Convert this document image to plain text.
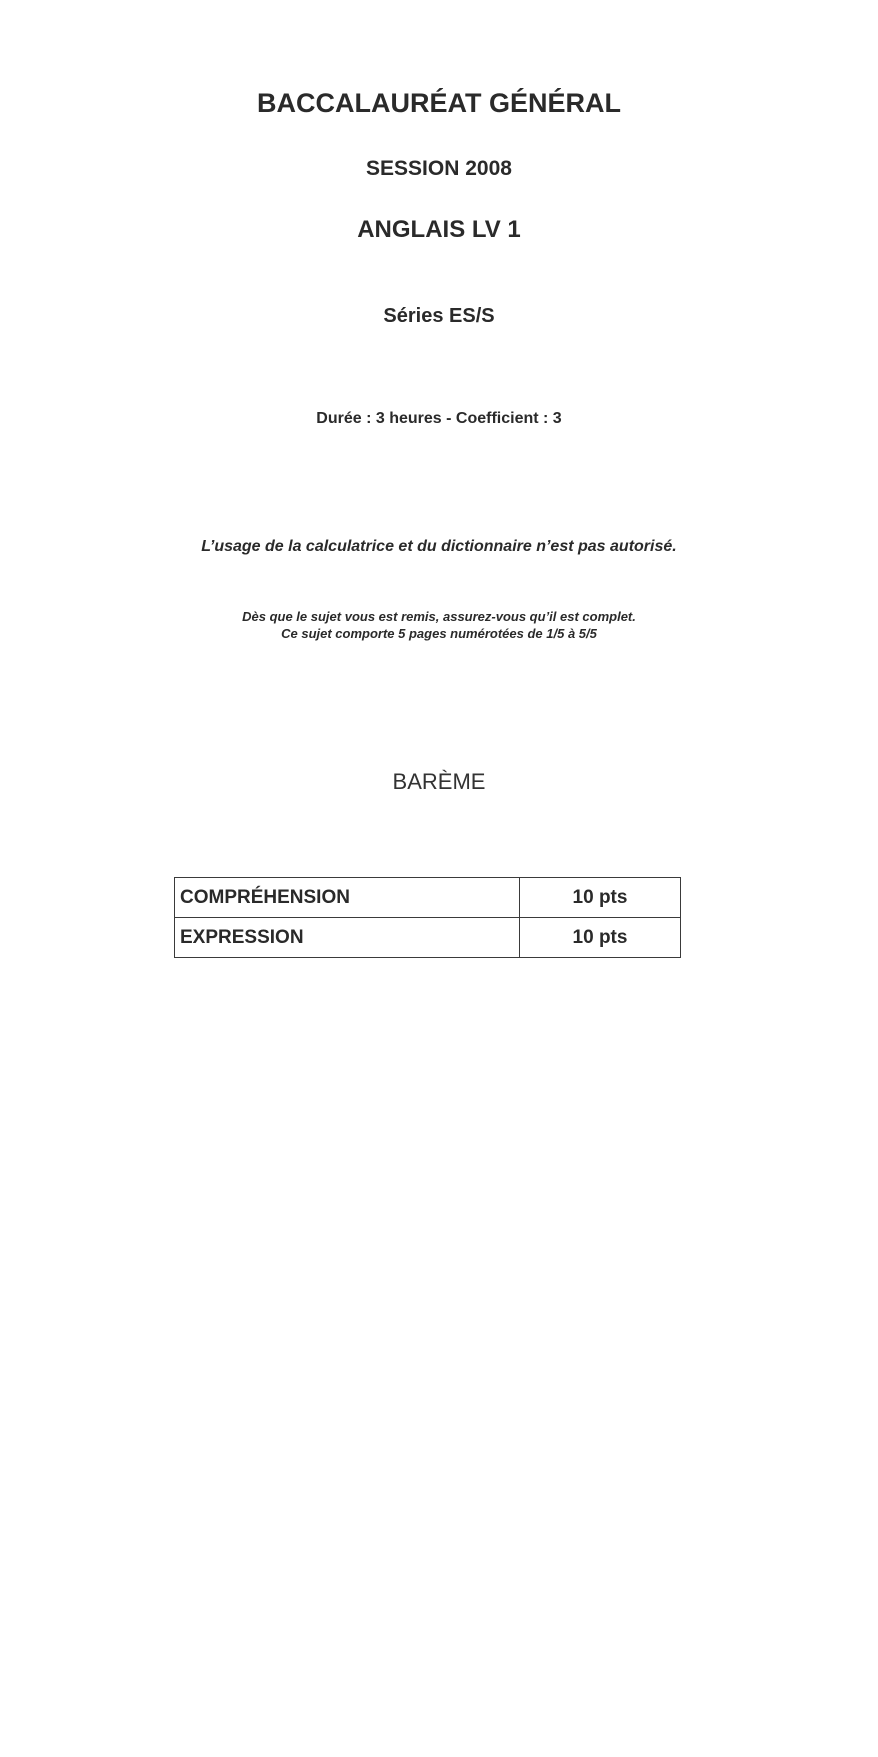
BACCALAURÉAT GÉNÉRAL
SESSION 2008
ANGLAIS LV 1
Séries ES/S
Durée : 3 heures - Coefficient : 3
L’usage de la calculatrice et du dictionnaire n’est pas autorisé.
Dès que le sujet vous est remis, assurez-vous qu’il est complet.
Ce sujet comporte 5 pages numérotées de 1/5 à 5/5
BARÈME
COMPRÉHENSION	10 pts
EXPRESSION	10 pts
